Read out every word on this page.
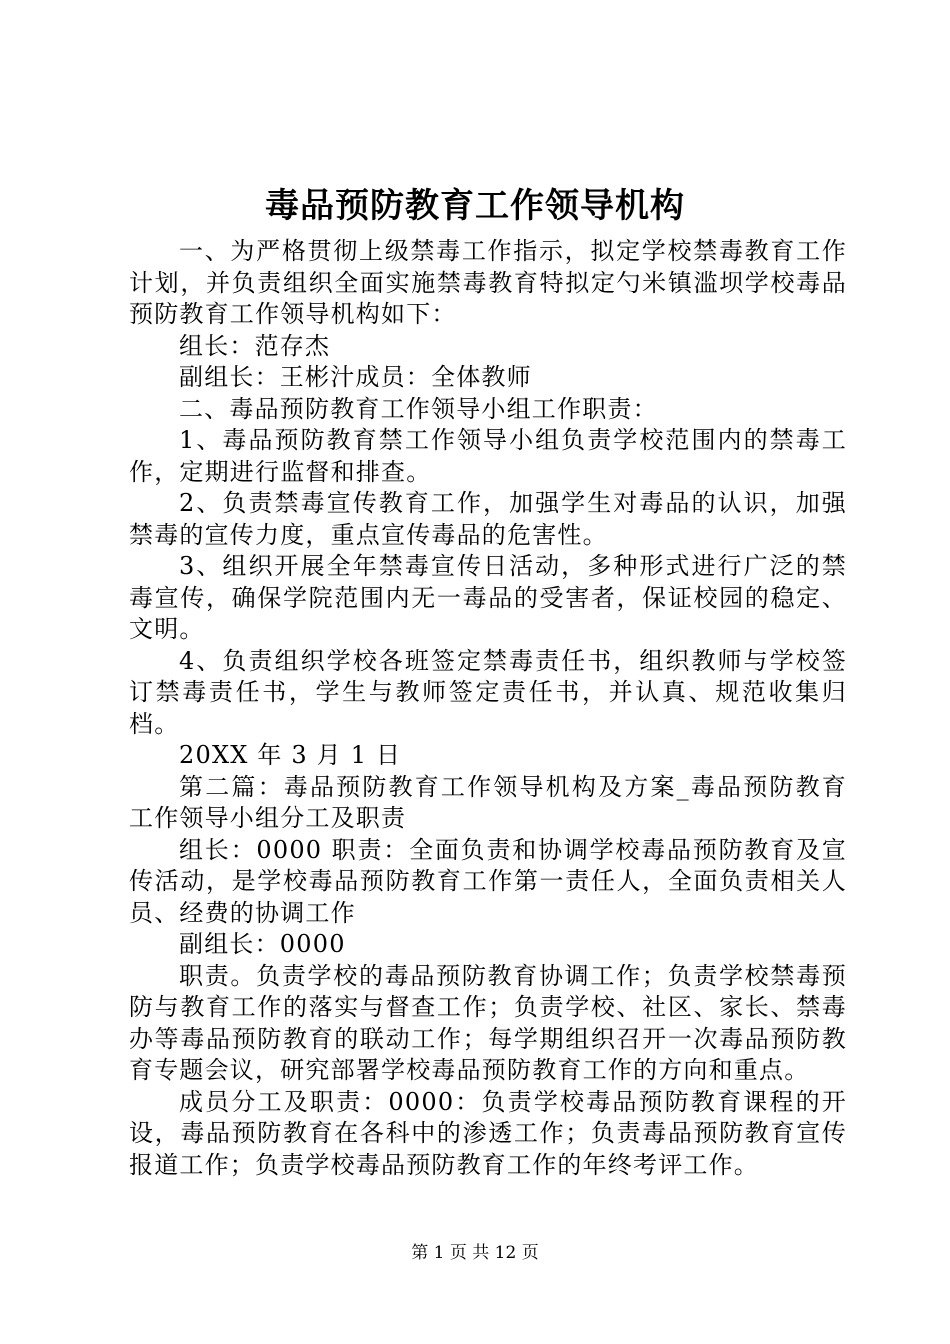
毒品预防教育工作领导机构

一、为严格贯彻上级禁毒工作指示，拟定学校禁毒教育工作计划，并负责组织全面实施禁毒教育特拟定勺米镇滥坝学校毒品预防教育工作领导机构如下：

组长：范存杰

副组长：王彬汁成员：全体教师

二、毒品预防教育工作领导小组工作职责：

1、毒品预防教育禁工作领导小组负责学校范围内的禁毒工作，定期进行监督和排查。

2、负责禁毒宣传教育工作，加强学生对毒品的认识，加强禁毒的宣传力度，重点宣传毒品的危害性。

3、组织开展全年禁毒宣传日活动，多种形式进行广泛的禁毒宣传，确保学院范围内无一毒品的受害者，保证校园的稳定、文明。

4、负责组织学校各班签定禁毒责任书，组织教师与学校签订禁毒责任书，学生与教师签定责任书，并认真、规范收集归档。

20XX 年 3 月 1 日

第二篇：毒品预防教育工作领导机构及方案_毒品预防教育工作领导小组分工及职责

组长：0000 职责：全面负责和协调学校毒品预防教育及宣传活动，是学校毒品预防教育工作第一责任人，全面负责相关人员、经费的协调工作

副组长：0000

职责。负责学校的毒品预防教育协调工作；负责学校禁毒预防与教育工作的落实与督查工作；负责学校、社区、家长、禁毒办等毒品预防教育的联动工作；每学期组织召开一次毒品预防教育专题会议，研究部署学校毒品预防教育工作的方向和重点。

成员分工及职责：0000：负责学校毒品预防教育课程的开设，毒品预防教育在各科中的渗透工作；负责毒品预防教育宣传报道工作；负责学校毒品预防教育工作的年终考评工作。

第 1 页 共 12 页
